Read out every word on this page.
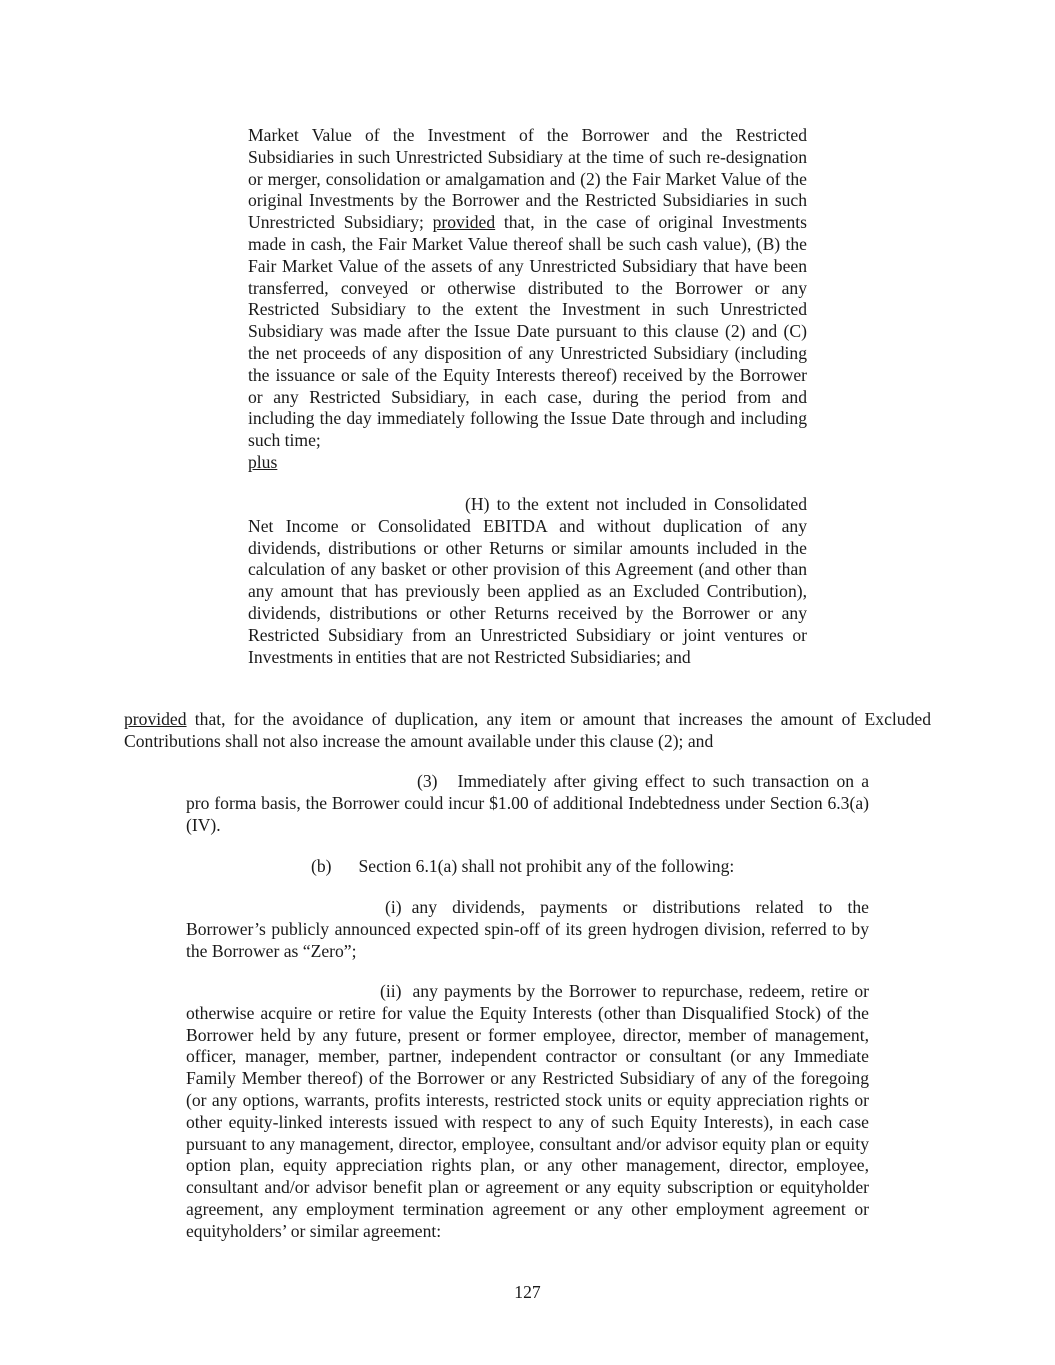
Market Value of the Investment of the Borrower and the Restricted Subsidiaries in such Unrestricted Subsidiary at the time of such re-designation or merger, consolidation or amalgamation and (2) the Fair Market Value of the original Investments by the Borrower and the Restricted Subsidiaries in such Unrestricted Subsidiary; provided that, in the case of original Investments made in cash, the Fair Market Value thereof shall be such cash value), (B) the Fair Market Value of the assets of any Unrestricted Subsidiary that have been transferred, conveyed or otherwise distributed to the Borrower or any Restricted Subsidiary to the extent the Investment in such Unrestricted Subsidiary was made after the Issue Date pursuant to this clause (2) and (C) the net proceeds of any disposition of any Unrestricted Subsidiary (including the issuance or sale of the Equity Interests thereof) received by the Borrower or any Restricted Subsidiary, in each case, during the period from and including the day immediately following the Issue Date through and including such time;
plus

(H) to the extent not included in Consolidated Net Income or Consolidated EBITDA and without duplication of any dividends, distributions or other Returns or similar amounts included in the calculation of any basket or other provision of this Agreement (and other than any amount that has previously been applied as an Excluded Contribution), dividends, distributions or other Returns received by the Borrower or any Restricted Subsidiary from an Unrestricted Subsidiary or joint ventures or Investments in entities that are not Restricted Subsidiaries; and

provided that, for the avoidance of duplication, any item or amount that increases the amount of Excluded Contributions shall not also increase the amount available under this clause (2); and

(3) Immediately after giving effect to such transaction on a pro forma basis, the Borrower could incur $1.00 of additional Indebtedness under Section 6.3(a)(IV).

(b) Section 6.1(a) shall not prohibit any of the following:

(i) any dividends, payments or distributions related to the Borrower’s publicly announced expected spin-off of its green hydrogen division, referred to by the Borrower as “Zero”;

(ii) any payments by the Borrower to repurchase, redeem, retire or otherwise acquire or retire for value the Equity Interests (other than Disqualified Stock) of the Borrower held by any future, present or former employee, director, member of management, officer, manager, member, partner, independent contractor or consultant (or any Immediate Family Member thereof) of the Borrower or any Restricted Subsidiary of any of the foregoing (or any options, warrants, profits interests, restricted stock units or equity appreciation rights or other equity-linked interests issued with respect to any of such Equity Interests), in each case pursuant to any management, director, employee, consultant and/or advisor equity plan or equity option plan, equity appreciation rights plan, or any other management, director, employee, consultant and/or advisor benefit plan or agreement or any equity subscription or equityholder agreement, any employment termination agreement or any other employment agreement or equityholders’ or similar agreement:

127
